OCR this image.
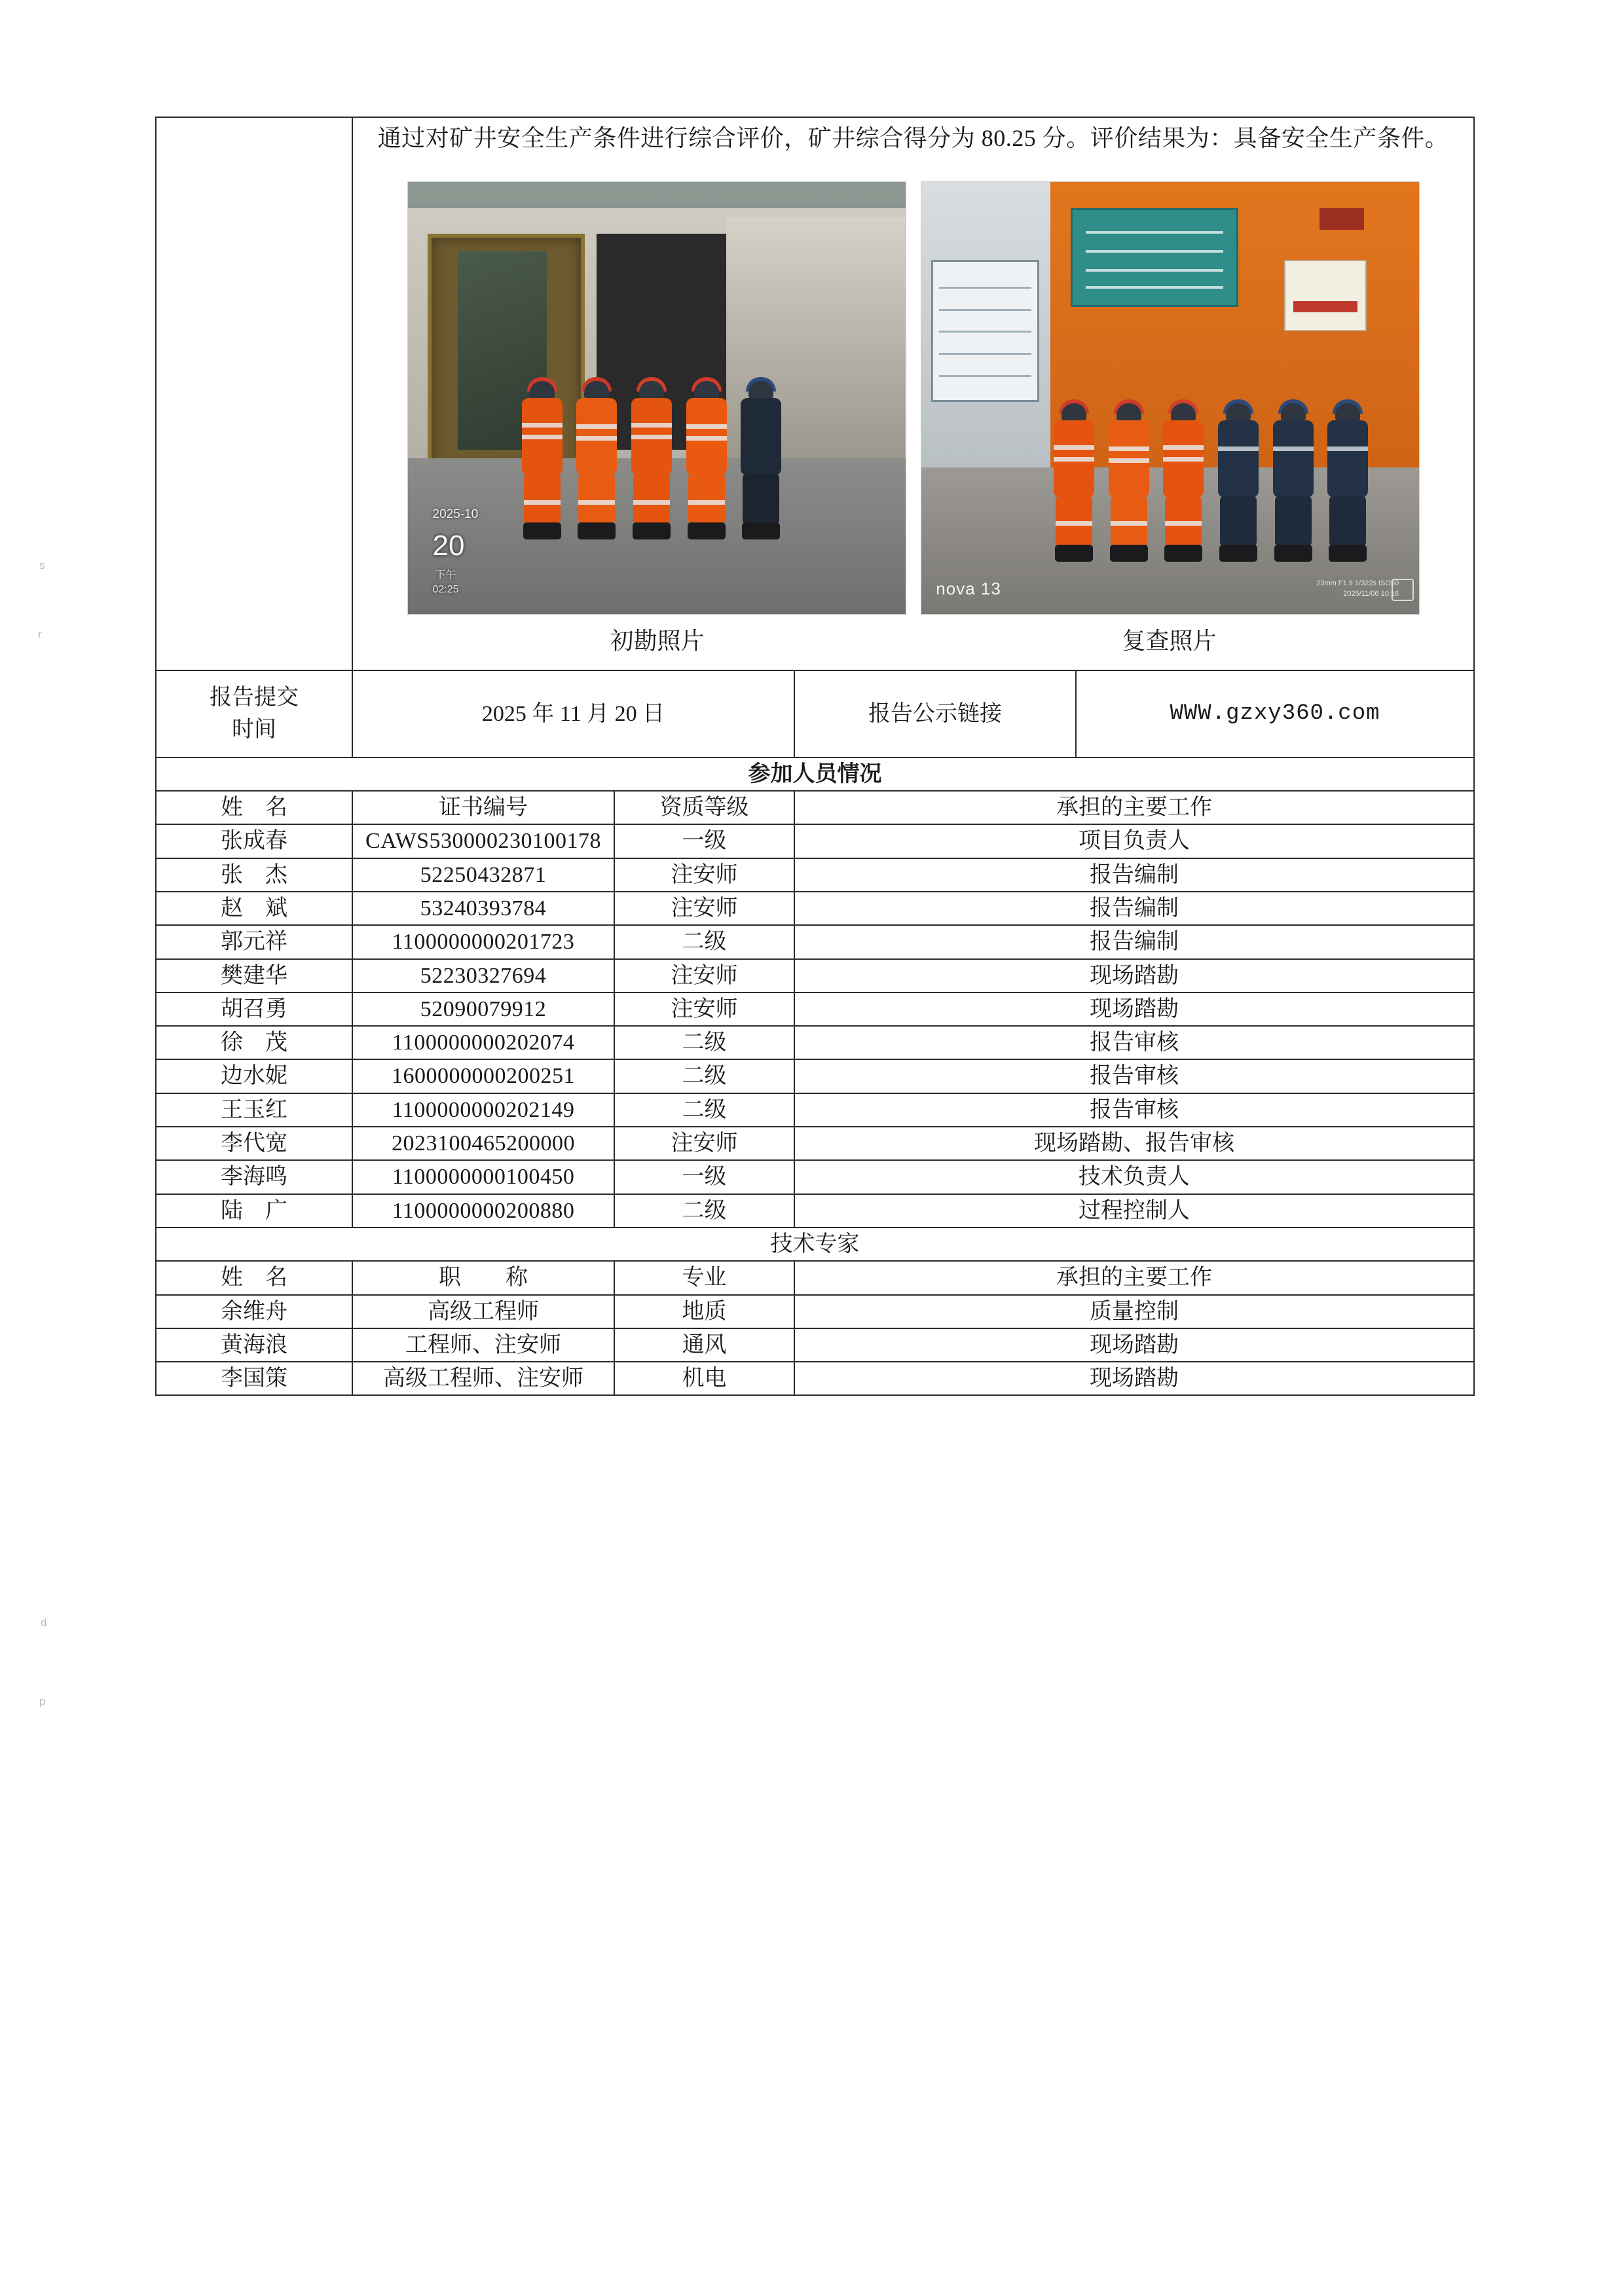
s
r
d
p

通过对矿井安全生产条件进行综合评价，矿井综合得分为 80.25 分。评价结果为：具备安全生产条件。
2025-10
20
下午
02:25	nova 13	23mm F1.9 1/322s ISO50
2025/11/06 10:16
初勘照片	复查照片

报告提交
时间	2025 年 11 月 20 日		报告公示链接	WWW.gzxy360.com
参加人员情况				
姓　名	证书编号	资质等级	承担的主要工作	
张成春	CAWS530000230100178	一级	项目负责人	
张　杰	52250432871	注安师	报告编制	
赵　斌	53240393784	注安师	报告编制	
郭元祥	1100000000201723	二级	报告编制	
樊建华	52230327694	注安师	现场踏勘	
胡召勇	52090079912	注安师	现场踏勘	
徐　茂	1100000000202074	二级	报告审核	
边水妮	1600000000200251	二级	报告审核	
王玉红	1100000000202149	二级	报告审核	
李代宽	2023100465200000	注安师	现场踏勘、报告审核	
李海鸣	1100000000100450	一级	技术负责人	
陆　广	1100000000200880	二级	过程控制人	
技术专家				
姓　名	职　　称	专业	承担的主要工作	
余维舟	高级工程师	地质	质量控制	
黄海浪	工程师、注安师	通风	现场踏勘	
李国策	高级工程师、注安师	机电	现场踏勘	
